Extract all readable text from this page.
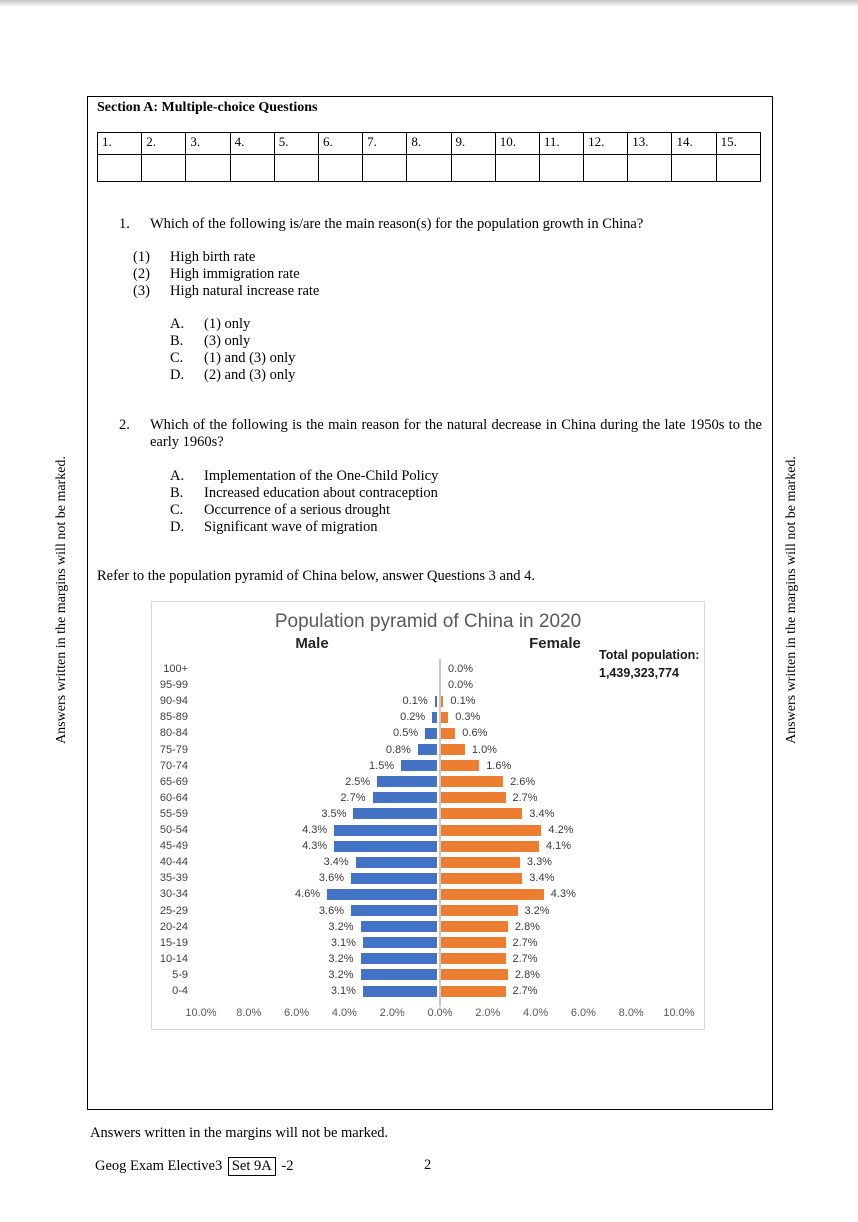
Answers written in the margins will not be marked.	Answers written in the margins will not be marked.
Section A: Multiple-choice Questions
1.	2.	3.	4.	5.	6.	7.	8.	9.	10.	11.	12.	13.	14.	15.

1. Which of the following is/are the main reason(s) for the population growth in China?
(1)	High birth rate
(2)	High immigration rate
(3)	High natural increase rate
A.	(1) only
B.	(3) only
C.	(1) and (3) only
D.	(2) and (3) only
2. Which of the following is the main reason for the natural decrease in China during the late 1950s to the
early 1960s?
A.	Implementation of the One-Child Policy
B.	Increased education about contraception
C.	Occurrence of a serious drought
D.	Significant wave of migration
Refer to the population pyramid of China below, answer Questions 3 and 4.
Population pyramid of China in 2020
Male	Female
Total population:
1,439,323,774
100+	0.0%
95-99	0.0%
90-94	0.1% 0.1%
85-89	0.2%	0.3%
80-84	0.5%	0.6%
75-79	0.8%	1.0%
70-74	1.5%	1.6%
65-69	2.5%	2.6%
60-64	2.7%	2.7%
55-59	3.5%	3.4%
50-54	4.3%	4.2%
45-49	4.3%	4.1%
40-44	3.4%	3.3%
35-39	3.6%	3.4%
30-34	4.6%	4.3%
25-29	3.6%	3.2%
20-24	3.2%	2.8%
15-19	3.1%	2.7%
10-14	3.2%	2.7%
5-9	3.2%	2.8%
0-4	3.1%	2.7%
10.0%	8.0%	6.0%	4.0%	2.0%	0.0%	2.0%	4.0%	6.0%	8.0%	10.0%
Answers written in the margins will not be marked.
Geog Exam Elective3 Set 9A -2	2
